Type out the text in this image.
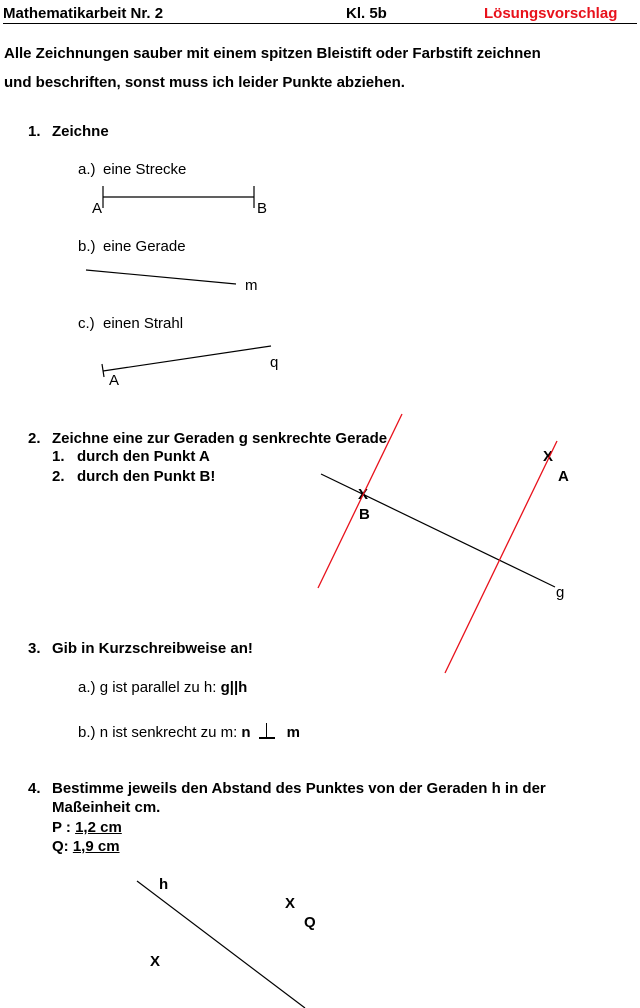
Mathematikarbeit Nr. 2	Kl. 5b	Lösungsvorschlag
Alle Zeichnungen sauber mit einem spitzen Bleistift oder Farbstift zeichnen
und beschriften, sonst muss ich leider Punkte abziehen.
1. Zeichne
a.) eine Strecke
A	B
b.) eine Gerade
m
c.) einen Strahl
A
q
2. Zeichne eine zur Geraden g senkrechte Gerade
1. durch den Punkt A
2. durch den Punkt B!
X
A
X
B
g
3. Gib in Kurzschreibweise an!
a.) g ist parallel zu h: g||h
b.) n ist senkrecht zu m: n m
4. Bestimme jeweils den Abstand des Punktes von der Geraden h in der
Maßeinheit cm.
P : 1,2 cm
Q: 1,9 cm
h
X
Q
X
